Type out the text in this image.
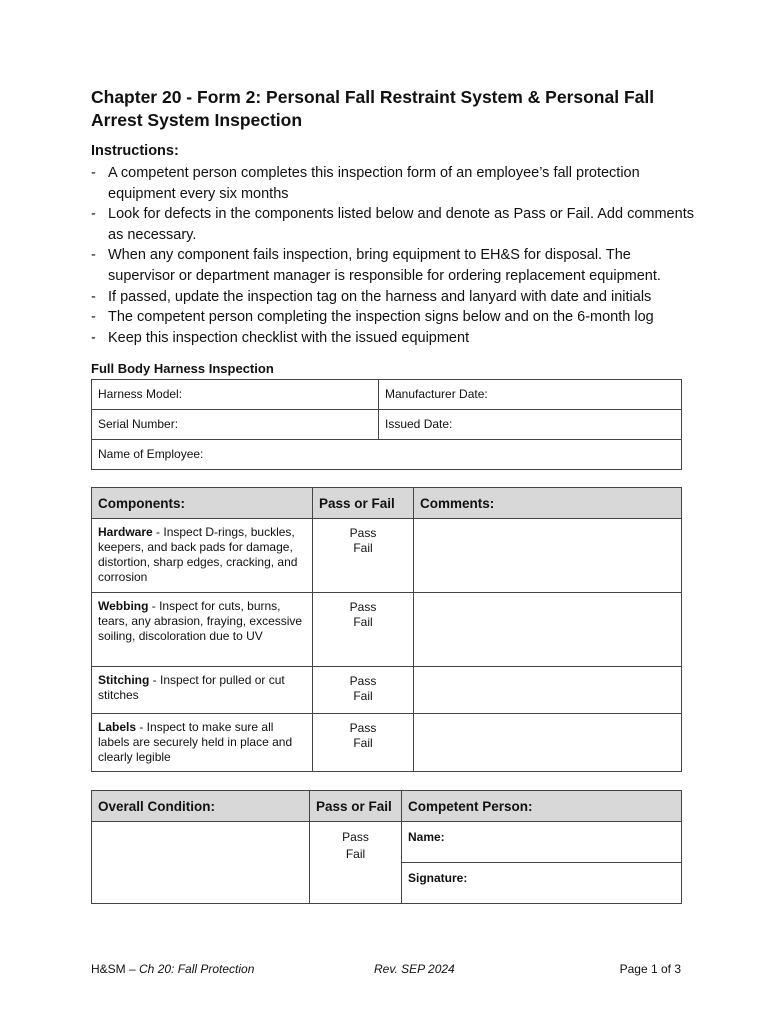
Chapter 20 - Form 2: Personal Fall Restraint System & Personal Fall Arrest System Inspection
Instructions:
- A competent person completes this inspection form of an employee’s fall protection equipment every six months
- Look for defects in the components listed below and denote as Pass or Fail. Add comments as necessary.
- When any component fails inspection, bring equipment to EH&S for disposal. The supervisor or department manager is responsible for ordering replacement equipment.
- If passed, update the inspection tag on the harness and lanyard with date and initials
- The competent person completing the inspection signs below and on the 6-month log
- Keep this inspection checklist with the issued equipment
Full Body Harness Inspection
Harness Model:	Manufacturer Date:
Serial Number:	Issued Date:
Name of Employee:	
Components:	Pass or Fail	Comments:
Hardware - Inspect D-rings, buckles, keepers, and back pads for damage, distortion, sharp edges, cracking, and corrosion	Pass
Fail	

Webbing - Inspect for cuts, burns, tears, any abrasion, fraying, excessive soiling, discoloration due to UV	Pass
Fail	

Stitching - Inspect for pulled or cut stitches	Pass
Fail	

Labels - Inspect to make sure all labels are securely held in place and clearly legible	Pass
Fail	

Overall Condition:	Pass or Fail	Competent Person:

	Pass
Fail	Name:
		Signature:
H&SM – Ch 20: Fall Protection	Rev. SEP 2024	Page 1 of 3
